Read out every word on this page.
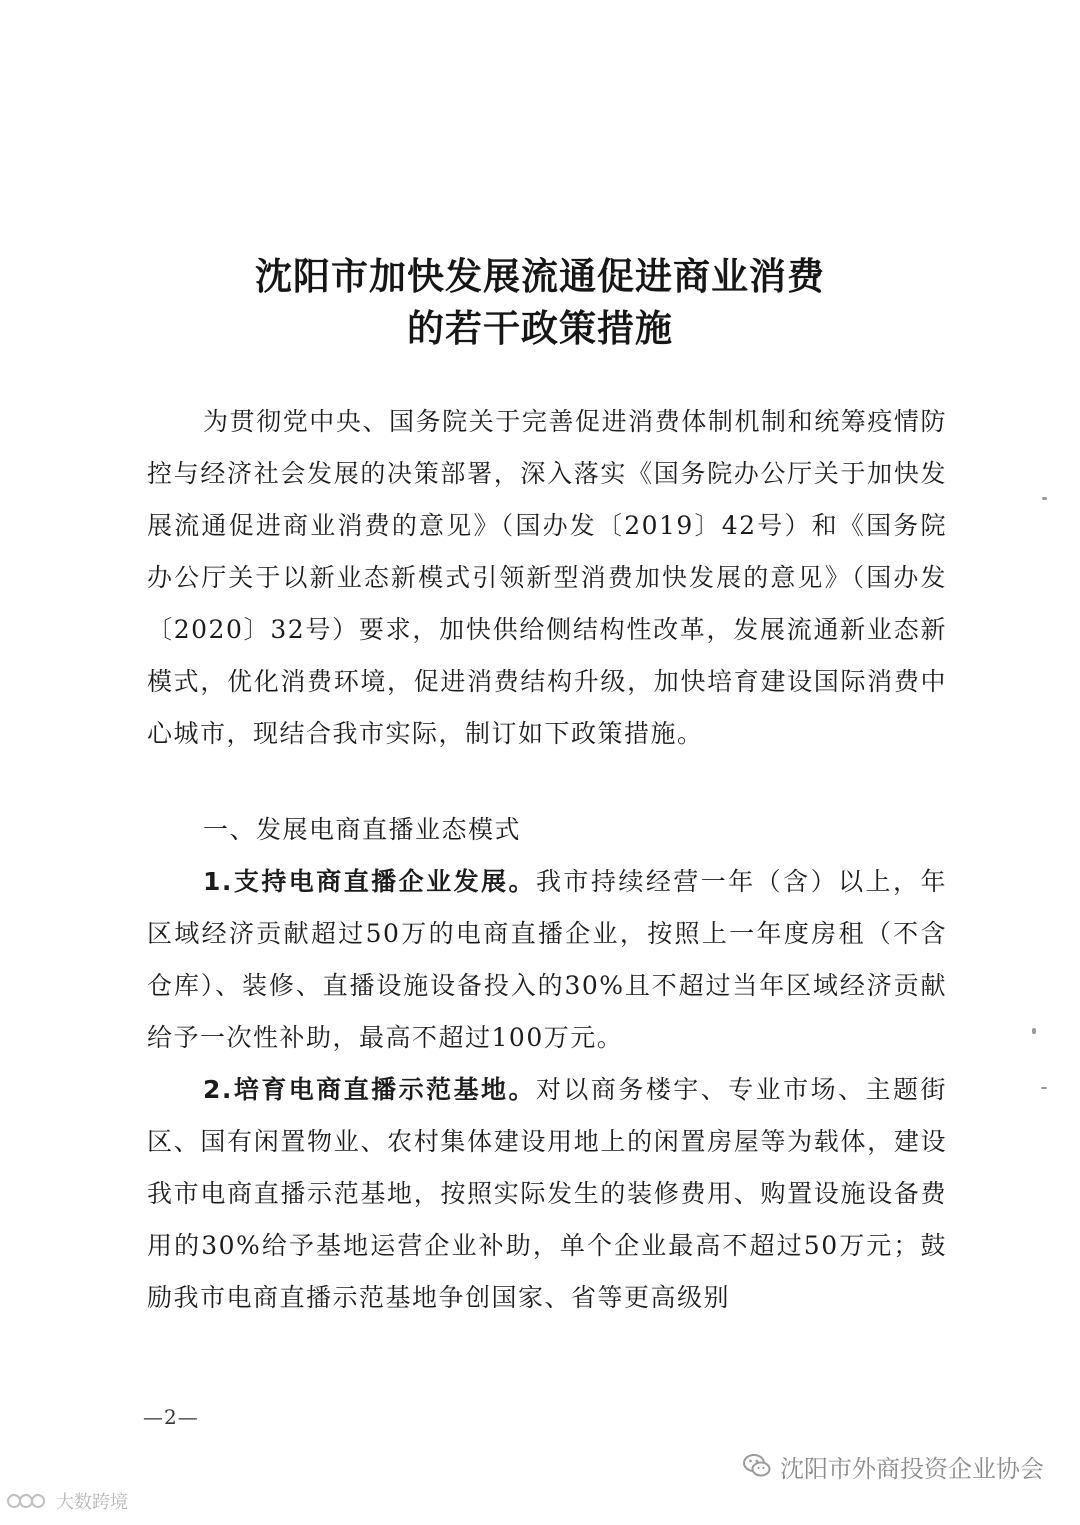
沈阳市加快发展流通促进商业消费
的若干政策措施
为贯彻党中央、国务院关于完善促进消费体制机制和统筹疫情防控与经济社会发展的决策部署，深入落实《国务院办公厅关于加快发展流通促进商业消费的意见》（国办发〔2019〕42号）和《国务院办公厅关于以新业态新模式引领新型消费加快发展的意见》（国办发〔2020〕32号）要求，加快供给侧结构性改革，发展流通新业态新模式，优化消费环境，促进消费结构升级，加快培育建设国际消费中心城市，现结合我市实际，制订如下政策措施。
一、发展电商直播业态模式
1.支持电商直播企业发展。我市持续经营一年（含）以上，年区域经济贡献超过50万的电商直播企业，按照上一年度房租（不含仓库）、装修、直播设施设备投入的30%且不超过当年区域经济贡献给予一次性补助，最高不超过100万元。
2.培育电商直播示范基地。对以商务楼宇、专业市场、主题街区、国有闲置物业、农村集体建设用地上的闲置房屋等为载体，建设我市电商直播示范基地，按照实际发生的装修费用、购置设施设备费用的30%给予基地运营企业补助，单个企业最高不超过50万元；鼓励我市电商直播示范基地争创国家、省等更高级别
—2—
沈阳市外商投资企业协会
大数跨境
